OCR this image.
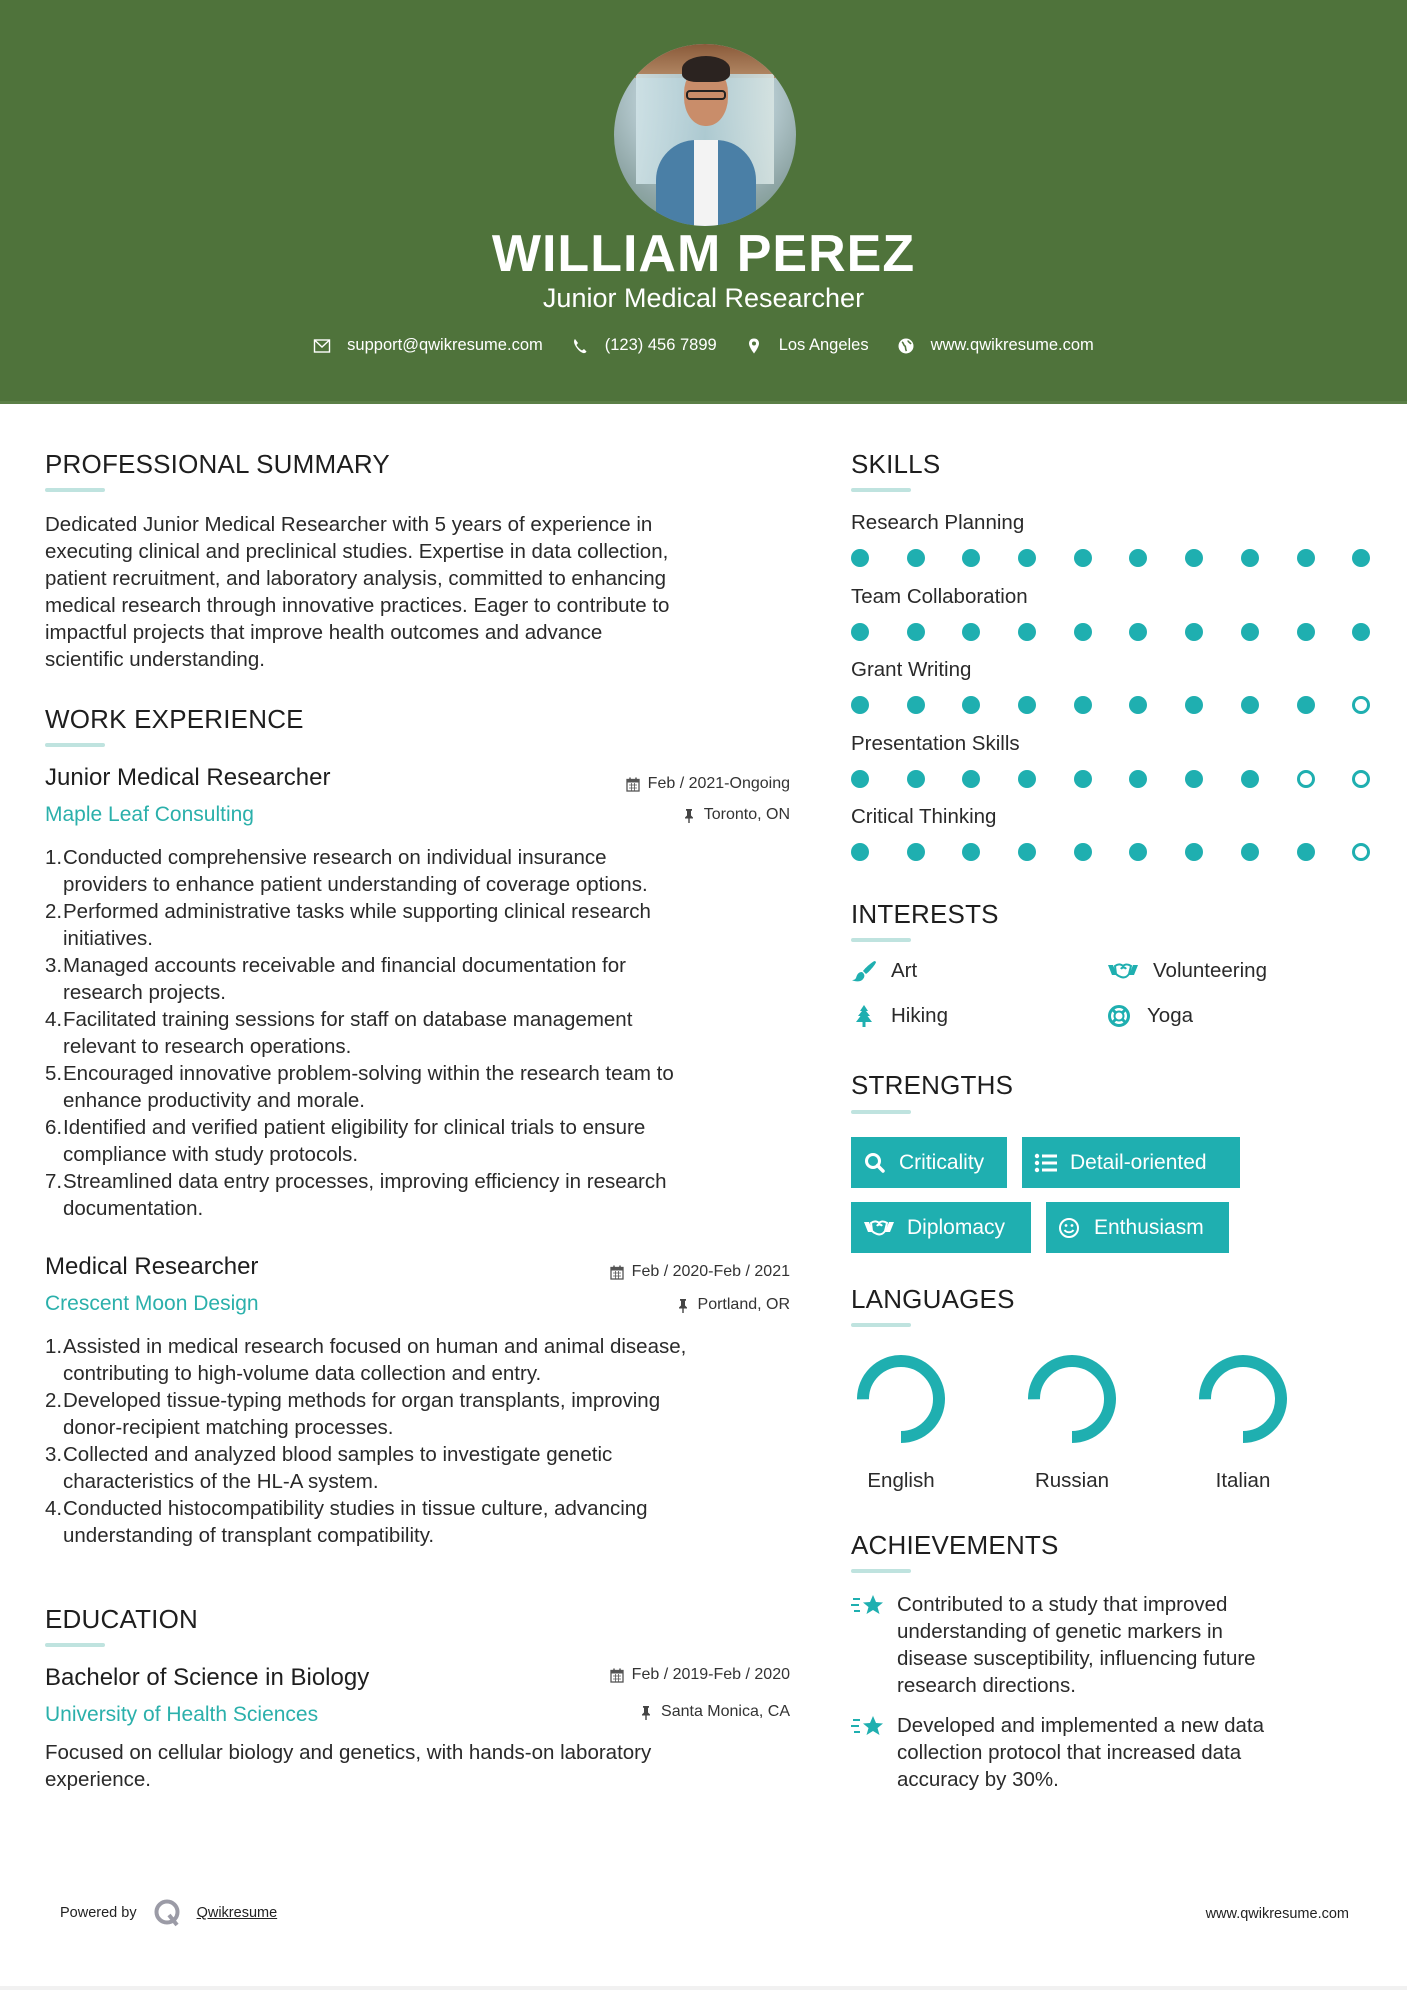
WILLIAM PEREZ
Junior Medical Researcher
support@qwikresume.com	(123) 456 7899	Los Angeles	www.qwikresume.com
PROFESSIONAL SUMMARY
Dedicated Junior Medical Researcher with 5 years of experience in
executing clinical and preclinical studies. Expertise in data collection,
patient recruitment, and laboratory analysis, committed to enhancing
medical research through innovative practices. Eager to contribute to
impactful projects that improve health outcomes and advance
scientific understanding.
WORK EXPERIENCE
Junior Medical Researcher	Feb / 2021-Ongoing
Maple Leaf Consulting	Toronto, ON
1. Conducted comprehensive research on individual insurance
providers to enhance patient understanding of coverage options.
2. Performed administrative tasks while supporting clinical research
initiatives.
3. Managed accounts receivable and financial documentation for
research projects.
4. Facilitated training sessions for staff on database management
relevant to research operations.
5. Encouraged innovative problem-solving within the research team to
enhance productivity and morale.
6. Identified and verified patient eligibility for clinical trials to ensure
compliance with study protocols.
7. Streamlined data entry processes, improving efficiency in research
documentation.
Medical Researcher	Feb / 2020-Feb / 2021
Crescent Moon Design	Portland, OR
1. Assisted in medical research focused on human and animal disease,
contributing to high-volume data collection and entry.
2. Developed tissue-typing methods for organ transplants, improving
donor-recipient matching processes.
3. Collected and analyzed blood samples to investigate genetic
characteristics of the HL-A system.
4. Conducted histocompatibility studies in tissue culture, advancing
understanding of transplant compatibility.
EDUCATION
Bachelor of Science in Biology	Feb / 2019-Feb / 2020
University of Health Sciences	Santa Monica, CA
Focused on cellular biology and genetics, with hands-on laboratory
experience.
SKILLS
Research Planning
Team Collaboration
Grant Writing
Presentation Skills
Critical Thinking
INTERESTS
Art	Volunteering
Hiking	Yoga
STRENGTHS
Criticality	Detail-oriented
Diplomacy	Enthusiasm
LANGUAGES
English	Russian	Italian
ACHIEVEMENTS
Contributed to a study that improved
understanding of genetic markers in
disease susceptibility, influencing future
research directions.
Developed and implemented a new data
collection protocol that increased data
accuracy by 30%.
Powered by	Qwikresume	www.qwikresume.com
